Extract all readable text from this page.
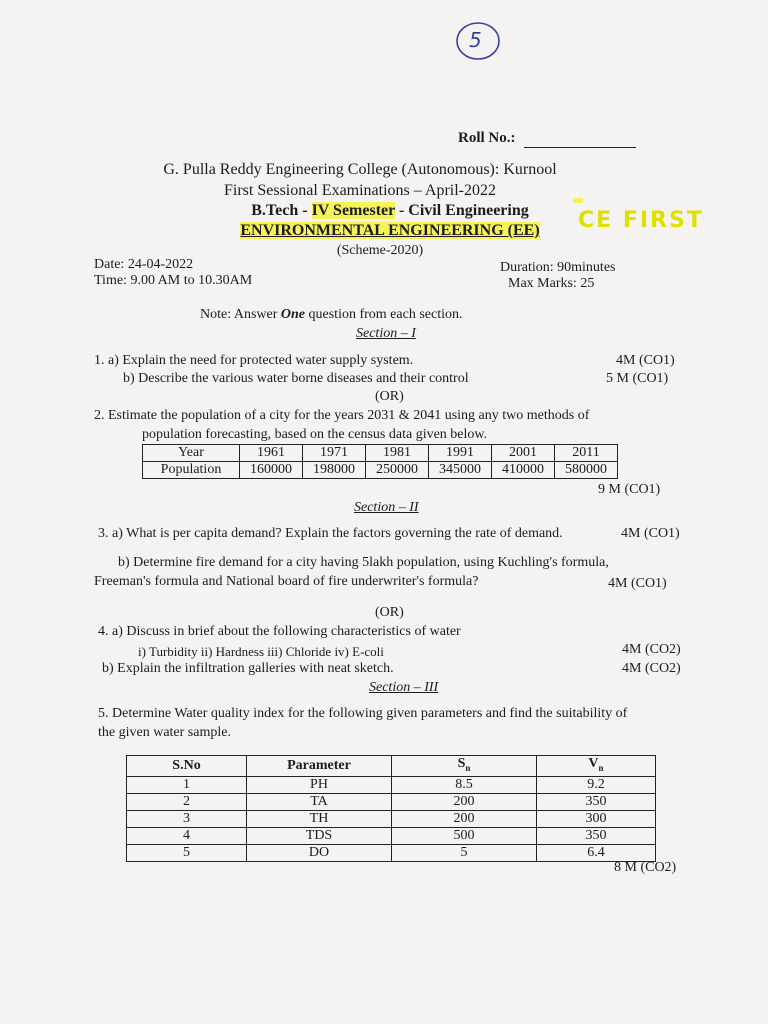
5
Roll No.:
G. Pulla Reddy Engineering College (Autonomous): Kurnool
First Sessional Examinations – April-2022
B.Tech - IV Semester - Civil Engineering
ENVIRONMENTAL ENGINEERING (EE)	CE FIRST
(Scheme-2020)
Date: 24-04-2022
Time: 9.00 AM to 10.30AM
Duration: 90minutes
Max Marks: 25
Note: Answer One question from each section.
Section – I
1. a) Explain the need for protected water supply system.	4M (CO1)
b) Describe the various water borne diseases and their control	5 M (CO1)
(OR)
2. Estimate the population of a city for the years 2031 & 2041 using any two methods of
population forecasting, based on the census data given below.
Year	1961	1971	1981	1991	2001	2011
Population	160000	198000	250000	345000	410000	580000
9 M (CO1)
Section – II
3. a) What is per capita demand? Explain the factors governing the rate of demand.	4M (CO1)
b) Determine fire demand for a city having 5lakh population, using Kuchling's formula,
Freeman's formula and National board of fire underwriter's formula?	4M (CO1)
(OR)
4. a) Discuss in brief about the following characteristics of water
i) Turbidity ii) Hardness iii) Chloride iv) E-coli	4M (CO2)
b) Explain the infiltration galleries with neat sketch.	4M (CO2)
Section – III
5. Determine Water quality index for the following given parameters and find the suitability of
the given water sample.
S.No	Parameter	$S_n$	$V_n$
1	PH	8.5	9.2
2	TA	200	350
3	TH	200	300
4	TDS	500	350
5	DO	5	6.4
8 M (CO2)
